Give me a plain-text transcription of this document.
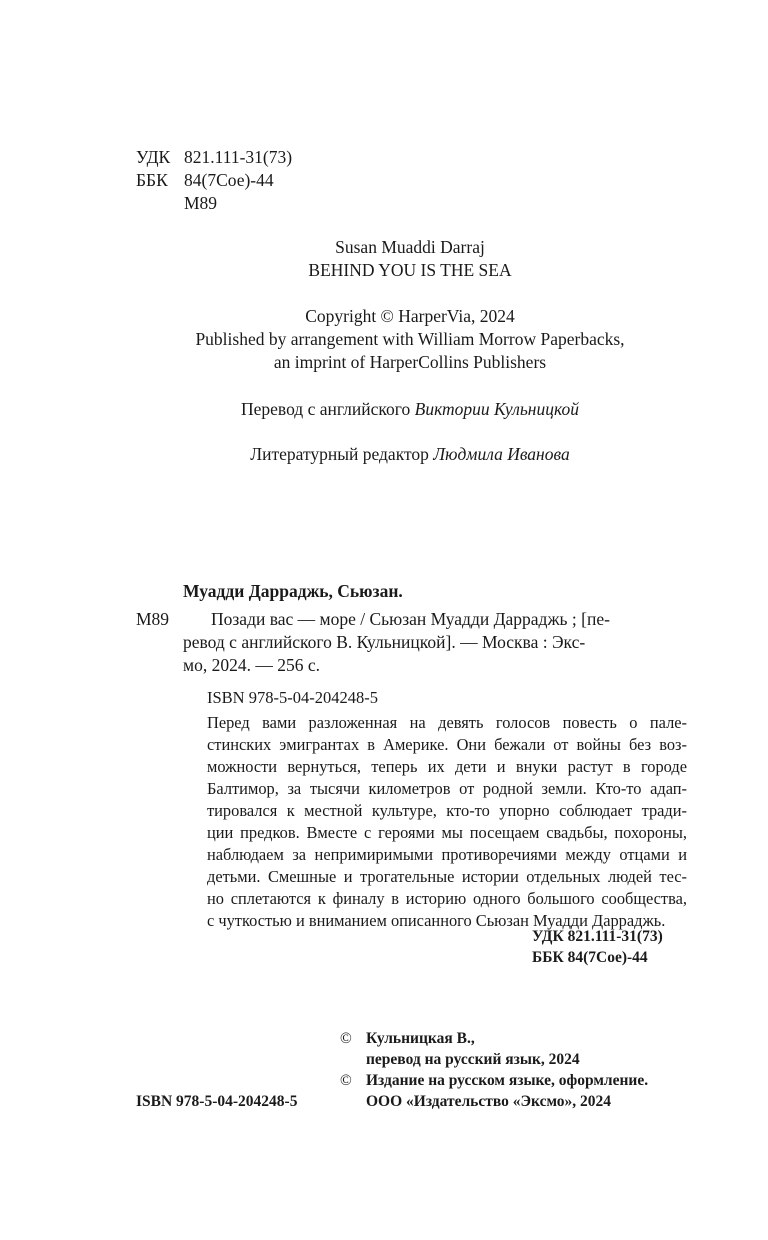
УДК 821.111-31(73)
ББК 84(7Сое)-44
М89
Susan Muaddi Darraj
BEHIND YOU IS THE SEA
Copyright © HarperVia, 2024
Published by arrangement with William Morrow Paperbacks,
an imprint of HarperCollins Publishers
Перевод с английского Виктории Кульницкой
Литературный редактор Людмила Иванова
Муадди Дарраджь, Сьюзан.
М89	Позади вас — море / Сьюзан Муадди Дарраджь ; [пе-
ревод с английского В. Кульницкой]. — Москва : Экс-
мо, 2024. — 256 с.
ISBN 978-5-04-204248-5
Перед вами разложенная на девять голосов повесть о пале-
стинских эмигрантах в Америке. Они бежали от войны без воз-
можности вернуться, теперь их дети и внуки растут в городе
Балтимор, за тысячи километров от родной земли. Кто-то адап-
тировался к местной культуре, кто-то упорно соблюдает тради-
ции предков. Вместе с героями мы посещаем свадьбы, похороны,
наблюдаем за непримиримыми противоречиями между отцами и
детьми. Смешные и трогательные истории отдельных людей тес-
но сплетаются к финалу в историю одного большого сообщества,
с чуткостью и вниманием описанного Сьюзан Муадди Дарраджь.
УДК 821.111-31(73)
ББК 84(7Сое)-44
© Кульницкая В.,
перевод на русский язык, 2024
© Издание на русском языке, оформление.
ООО «Издательство «Эксмо», 2024
ISBN 978-5-04-204248-5
